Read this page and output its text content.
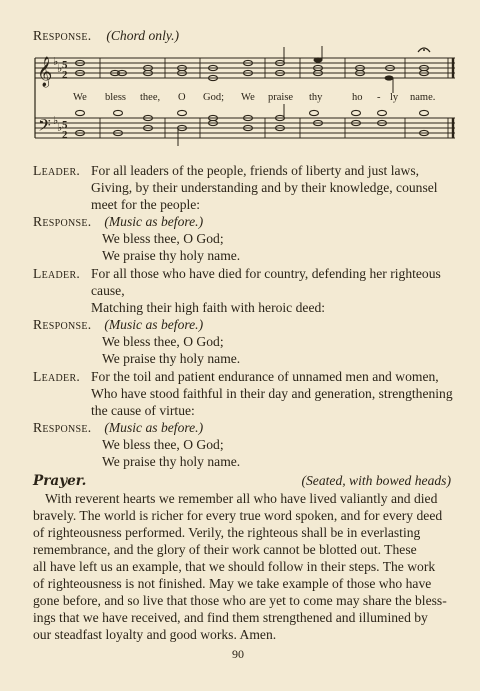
Response. (Chord only.)
𝄞
𝄢
♭
♭
♭
♭
5
2
5
2
We bless thee, O God; We praise thy	ho - ly name.
Leader. For all leaders of the people, friends of liberty and just laws,
Giving, by their understanding and by their knowledge, counsel
meet for the people:
Response. (Music as before.)
We bless thee, O God;
We praise thy holy name.
Leader. For all those who have died for country, defending her righteous
cause,
Matching their high faith with heroic deed:
Response. (Music as before.)
We bless thee, O God;
We praise thy holy name.
Leader. For the toil and patient endurance of unnamed men and women,
Who have stood faithful in their day and generation, strengthening
the cause of virtue:
Response. (Music as before.)
We bless thee, O God;
We praise thy holy name.
Prayer.	(Seated, with bowed heads)
With reverent hearts we remember all who have lived valiantly and died
bravely. The world is richer for every true word spoken, and for every deed
of righteousness performed. Verily, the righteous shall be in everlasting
remembrance, and the glory of their work cannot be blotted out. These
all have left us an example, that we should follow in their steps. The work
of righteousness is not finished. May we take example of those who have
gone before, and so live that those who are yet to come may share the bless-
ings that we have received, and find them strengthened and illumined by
our steadfast loyalty and good works. Amen.
90
